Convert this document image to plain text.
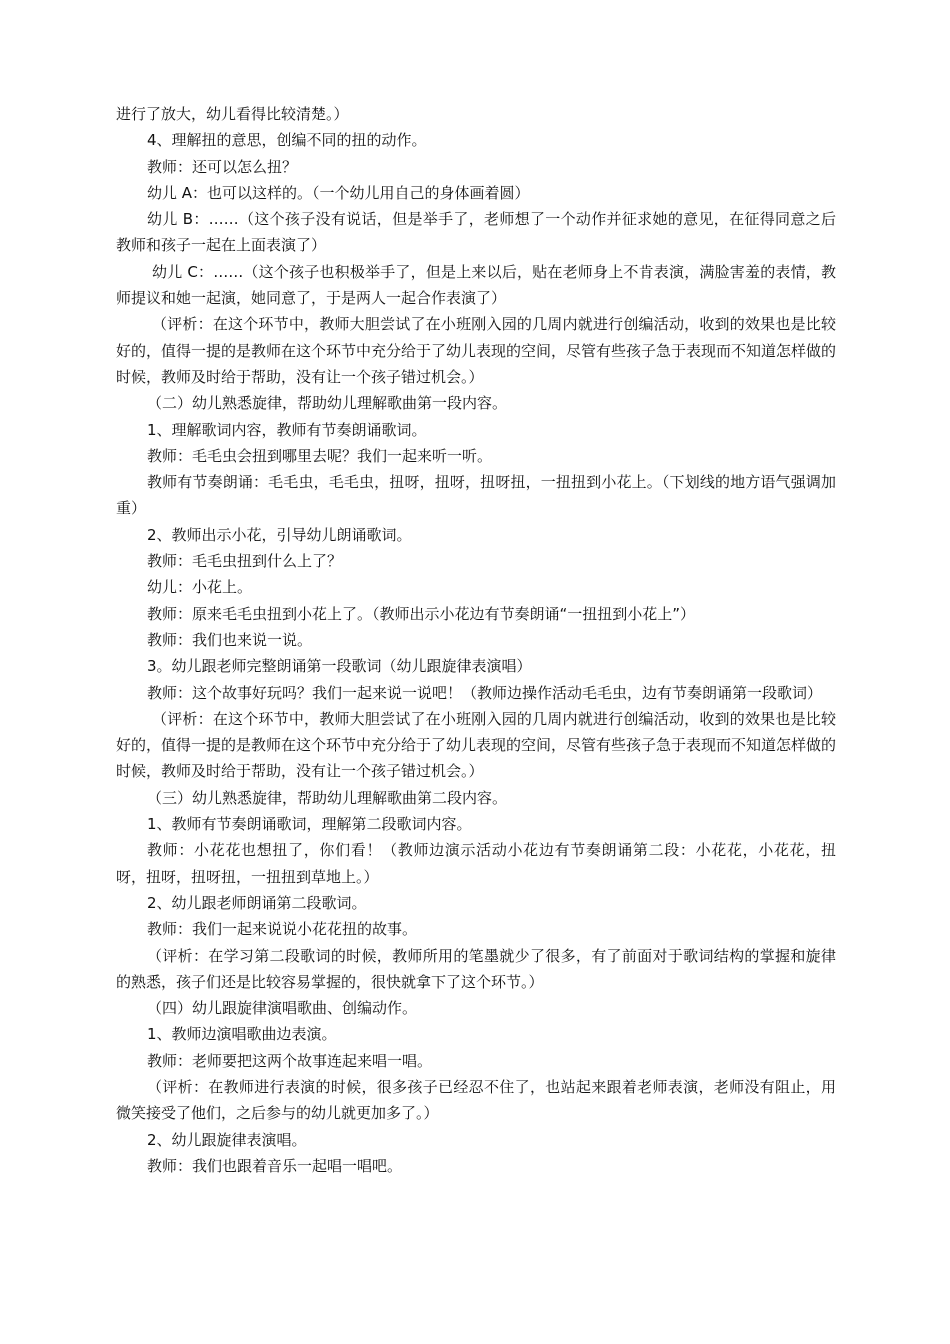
进行了放大，幼儿看得比较清楚。）

4、理解扭的意思，创编不同的扭的动作。

教师：还可以怎么扭？

幼儿 A：也可以这样的。（一个幼儿用自己的身体画着圆）

幼儿 B：……（这个孩子没有说话，但是举手了，老师想了一个动作并征求她的意见，在征得同意之后教师和孩子一起在上面表演了）

幼儿 C：……（这个孩子也积极举手了，但是上来以后，贴在老师身上不肯表演，满脸害羞的表情，教师提议和她一起演，她同意了，于是两人一起合作表演了）

（评析：在这个环节中，教师大胆尝试了在小班刚入园的几周内就进行创编活动，收到的效果也是比较好的，值得一提的是教师在这个环节中充分给于了幼儿表现的空间，尽管有些孩子急于表现而不知道怎样做的时候，教师及时给于帮助，没有让一个孩子错过机会。）

（二）幼儿熟悉旋律，帮助幼儿理解歌曲第一段内容。

1、理解歌词内容，教师有节奏朗诵歌词。

教师：毛毛虫会扭到哪里去呢？我们一起来听一听。

教师有节奏朗诵：毛毛虫，毛毛虫，扭呀，扭呀，扭呀扭，一扭扭到小花上。（下划线的地方语气强调加重）

2、教师出示小花，引导幼儿朗诵歌词。

教师：毛毛虫扭到什么上了？

幼儿：小花上。

教师：原来毛毛虫扭到小花上了。（教师出示小花边有节奏朗诵“一扭扭到小花上”）

教师：我们也来说一说。

3。幼儿跟老师完整朗诵第一段歌词（幼儿跟旋律表演唱）

教师：这个故事好玩吗？我们一起来说一说吧！（教师边操作活动毛毛虫，边有节奏朗诵第一段歌词）

（评析：在这个环节中，教师大胆尝试了在小班刚入园的几周内就进行创编活动，收到的效果也是比较好的，值得一提的是教师在这个环节中充分给于了幼儿表现的空间，尽管有些孩子急于表现而不知道怎样做的时候，教师及时给于帮助，没有让一个孩子错过机会。）

（三）幼儿熟悉旋律，帮助幼儿理解歌曲第二段内容。

1、教师有节奏朗诵歌词，理解第二段歌词内容。

教师：小花花也想扭了，你们看！（教师边演示活动小花边有节奏朗诵第二段：小花花，小花花，扭呀，扭呀，扭呀扭，一扭扭到草地上。）

2、幼儿跟老师朗诵第二段歌词。

教师：我们一起来说说小花花扭的故事。

（评析：在学习第二段歌词的时候，教师所用的笔墨就少了很多，有了前面对于歌词结构的掌握和旋律的熟悉，孩子们还是比较容易掌握的，很快就拿下了这个环节。）

（四）幼儿跟旋律演唱歌曲、创编动作。

1、教师边演唱歌曲边表演。

教师：老师要把这两个故事连起来唱一唱。

（评析：在教师进行表演的时候，很多孩子已经忍不住了，也站起来跟着老师表演，老师没有阻止，用微笑接受了他们，之后参与的幼儿就更加多了。）

2、幼儿跟旋律表演唱。

教师：我们也跟着音乐一起唱一唱吧。
